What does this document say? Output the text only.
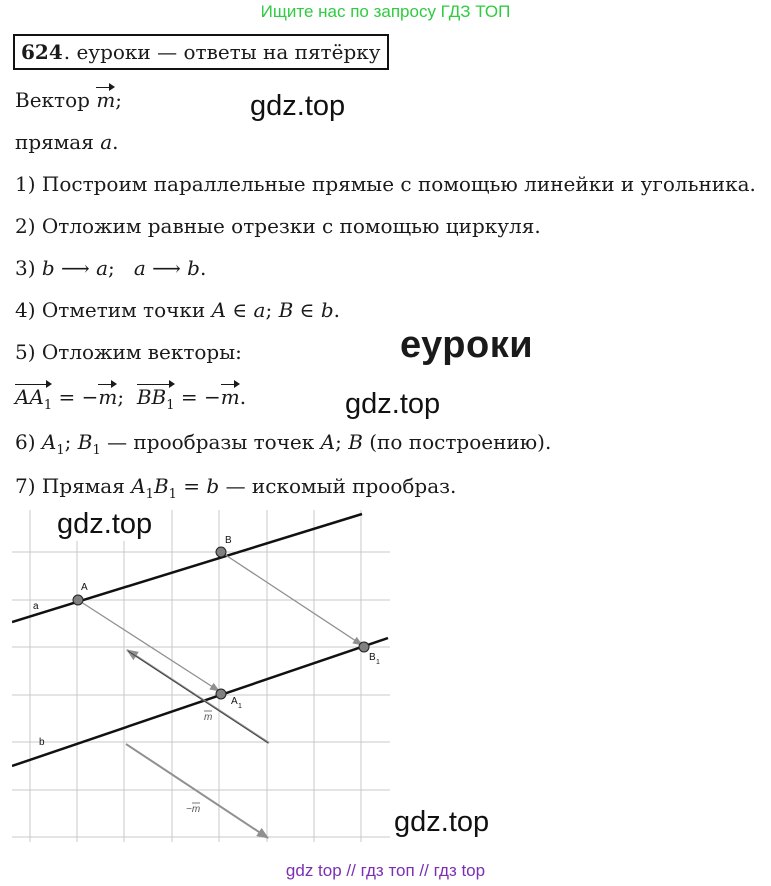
Ищите нас по запросу ГДЗ ТОП
624 . еуроки — ответы на пятёрку
Вектор m;
прямая a.
1) Построим параллельные прямые с помощью линейки и угольника.
2) Отложим равные отрезки с помощью циркуля.
3) b ⟶ a;   a ⟶ b.
4) Отметим точки A ∈ a; B ∈ b.
5) Отложим векторы:
$AA_1 = -m$;  $BB_1 = -m$.
6) $A_1$; $B_1$ — прообразы точек A; B (по построению).
7) Прямая $A_1B_1 = b$ — искомый прообраз.
gdz.top
еуроки
gdz.top
A
B
A 1
B 1
a
b
m
−m
gdz.top
gdz.top
gdz top // гдз топ // гдз top
